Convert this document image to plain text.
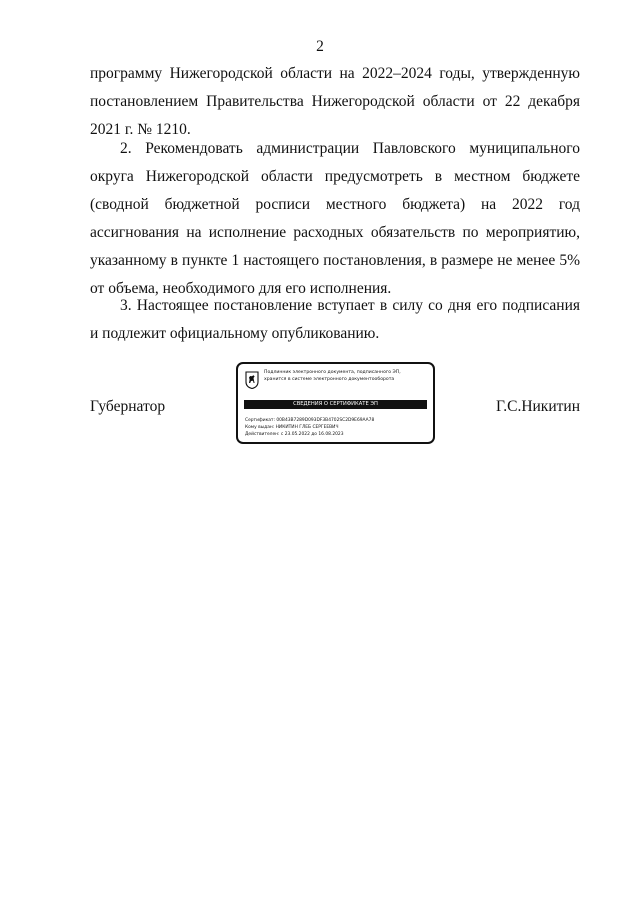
2
программу Нижегородской области на 2022–2024 годы, утвержденную
постановлением Правительства Нижегородской области от 22 декабря
2021 г. № 1210.
2. Рекомендовать администрации Павловского муниципального
округа Нижегородской области предусмотреть в местном бюджете
(сводной бюджетной росписи местного бюджета) на 2022 год
ассигнования на исполнение расходных обязательств по мероприятию,
указанному в пункте 1 настоящего постановления, в размере не менее 5%
от объема, необходимого для его исполнения.
3. Настоящее постановление вступает в силу со дня его подписания
и подлежит официальному опубликованию.
Губернатор	Г.С.Никитин
Подлинник электронного документа, подписанного ЭП,
хранится в системе электронного документооборота
СВЕДЕНИЯ О СЕРТИФИКАТЕ ЭП
Сертификат: 00B43B7289D093DF3B4702SC2D9E69AA78
Кому выдан: НИКИТИН ГЛЕБ СЕРГЕЕВИЧ
Действителен: с 23.05.2022 до 16.08.2023
